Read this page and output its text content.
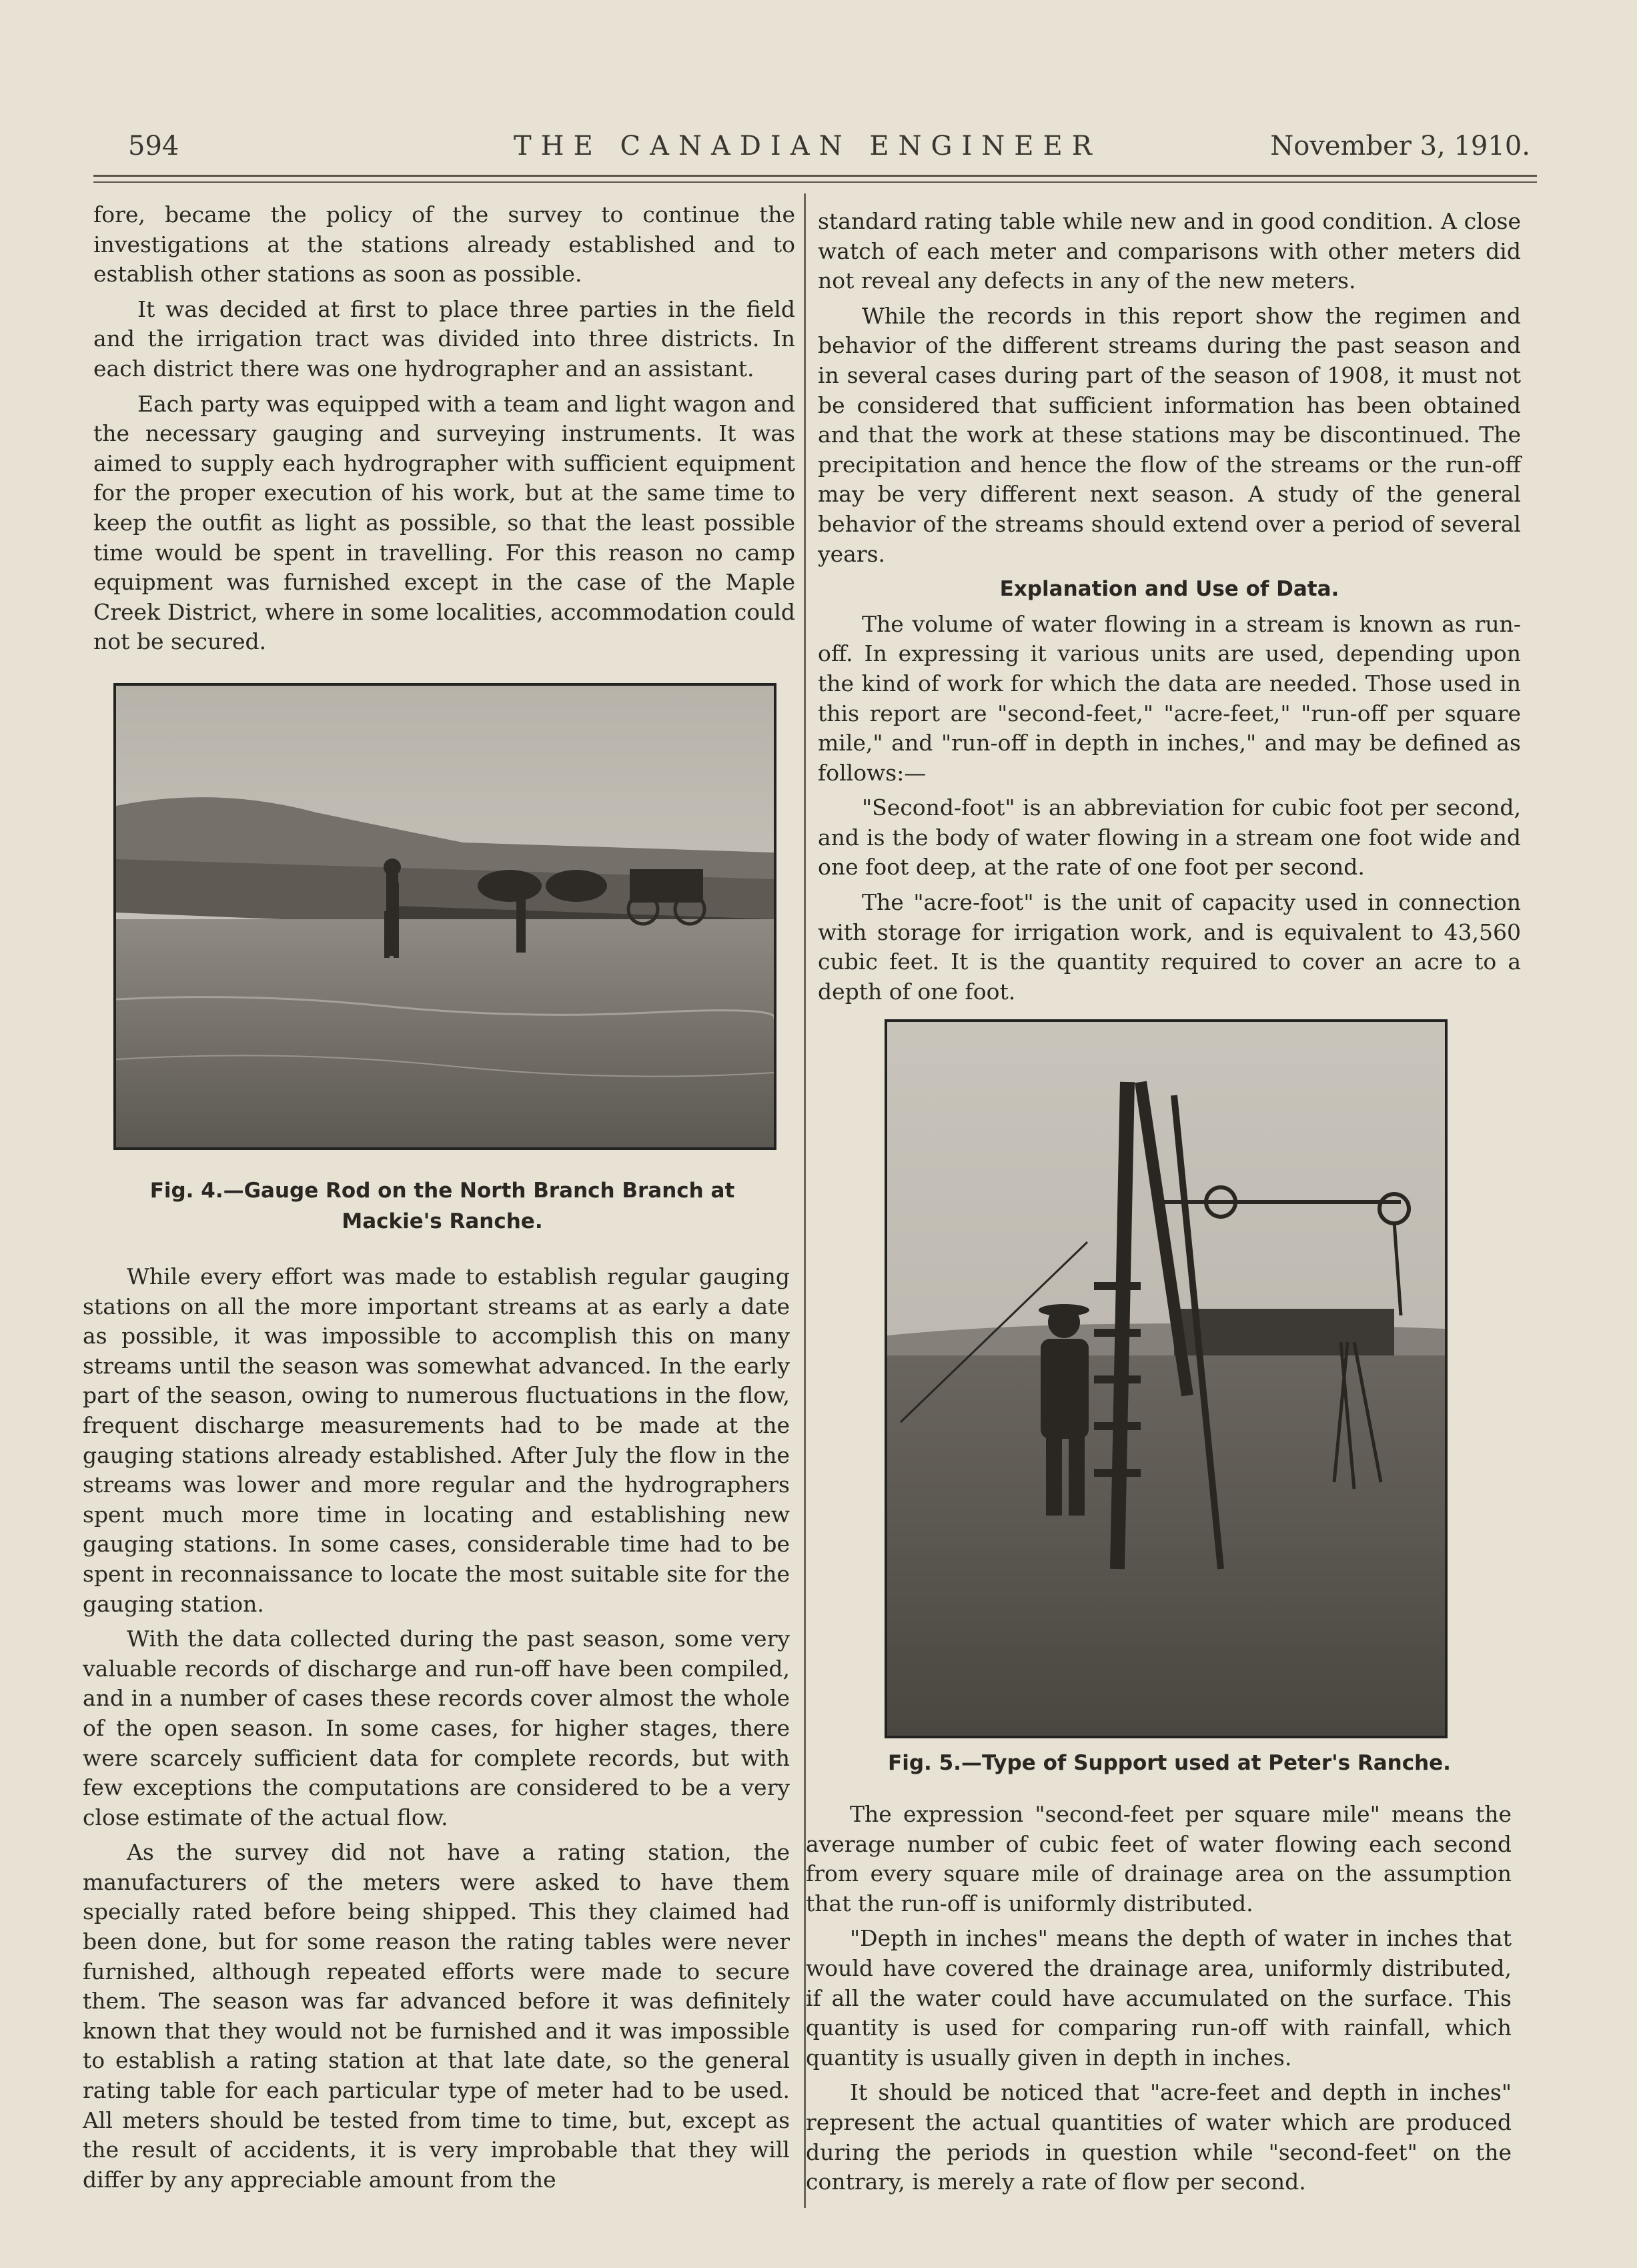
594	THE CANADIAN ENGINEER	November 3, 1910.

fore, became the policy of the survey to continue the investigations at the stations already established and to establish other stations as soon as possible.

It was decided at first to place three parties in the field and the irrigation tract was divided into three districts. In each district there was one hydrographer and an assistant.

Each party was equipped with a team and light wagon and the necessary gauging and surveying instruments. It was aimed to supply each hydrographer with sufficient equipment for the proper execution of his work, but at the same time to keep the outfit as light as possible, so that the least possible time would be spent in travelling. For this reason no camp equipment was furnished except in the case of the Maple Creek District, where in some localities, accommodation could not be secured.

Fig. 4.—Gauge Rod on the North Branch Branch at
Mackie's Ranche.

While every effort was made to establish regular gauging stations on all the more important streams at as early a date as possible, it was impossible to accomplish this on many streams until the season was somewhat advanced. In the early part of the season, owing to numerous fluctuations in the flow, frequent discharge measurements had to be made at the gauging stations already established. After July the flow in the streams was lower and more regular and the hydrographers spent much more time in locating and establishing new gauging stations. In some cases, considerable time had to be spent in reconnaissance to locate the most suitable site for the gauging station.

With the data collected during the past season, some very valuable records of discharge and run-off have been compiled, and in a number of cases these records cover almost the whole of the open season. In some cases, for higher stages, there were scarcely sufficient data for complete records, but with few exceptions the computations are considered to be a very close estimate of the actual flow.

As the survey did not have a rating station, the manufacturers of the meters were asked to have them specially rated before being shipped. This they claimed had been done, but for some reason the rating tables were never furnished, although repeated efforts were made to secure them. The season was far advanced before it was definitely known that they would not be furnished and it was impossible to establish a rating station at that late date, so the general rating table for each particular type of meter had to be used. All meters should be tested from time to time, but, except as the result of accidents, it is very improbable that they will differ by any appreciable amount from the

standard rating table while new and in good condition. A close watch of each meter and comparisons with other meters did not reveal any defects in any of the new meters.

While the records in this report show the regimen and behavior of the different streams during the past season and in several cases during part of the season of 1908, it must not be considered that sufficient information has been obtained and that the work at these stations may be discontinued. The precipitation and hence the flow of the streams or the run-off may be very different next season. A study of the general behavior of the streams should extend over a period of several years.

Explanation and Use of Data.

The volume of water flowing in a stream is known as run-off. In expressing it various units are used, depending upon the kind of work for which the data are needed. Those used in this report are "second-feet," "acre-feet," "run-off per square mile," and "run-off in depth in inches," and may be defined as follows:—

"Second-foot" is an abbreviation for cubic foot per second, and is the body of water flowing in a stream one foot wide and one foot deep, at the rate of one foot per second.

The "acre-foot" is the unit of capacity used in connection with storage for irrigation work, and is equivalent to 43,560 cubic feet. It is the quantity required to cover an acre to a depth of one foot.

Fig. 5.—Type of Support used at Peter's Ranche.

The expression "second-feet per square mile" means the average number of cubic feet of water flowing each second from every square mile of drainage area on the assumption that the run-off is uniformly distributed.

"Depth in inches" means the depth of water in inches that would have covered the drainage area, uniformly distributed, if all the water could have accumulated on the surface. This quantity is used for comparing run-off with rainfall, which quantity is usually given in depth in inches.

It should be noticed that "acre-feet and depth in inches" represent the actual quantities of water which are produced during the periods in question while "second-feet" on the contrary, is merely a rate of flow per second.
